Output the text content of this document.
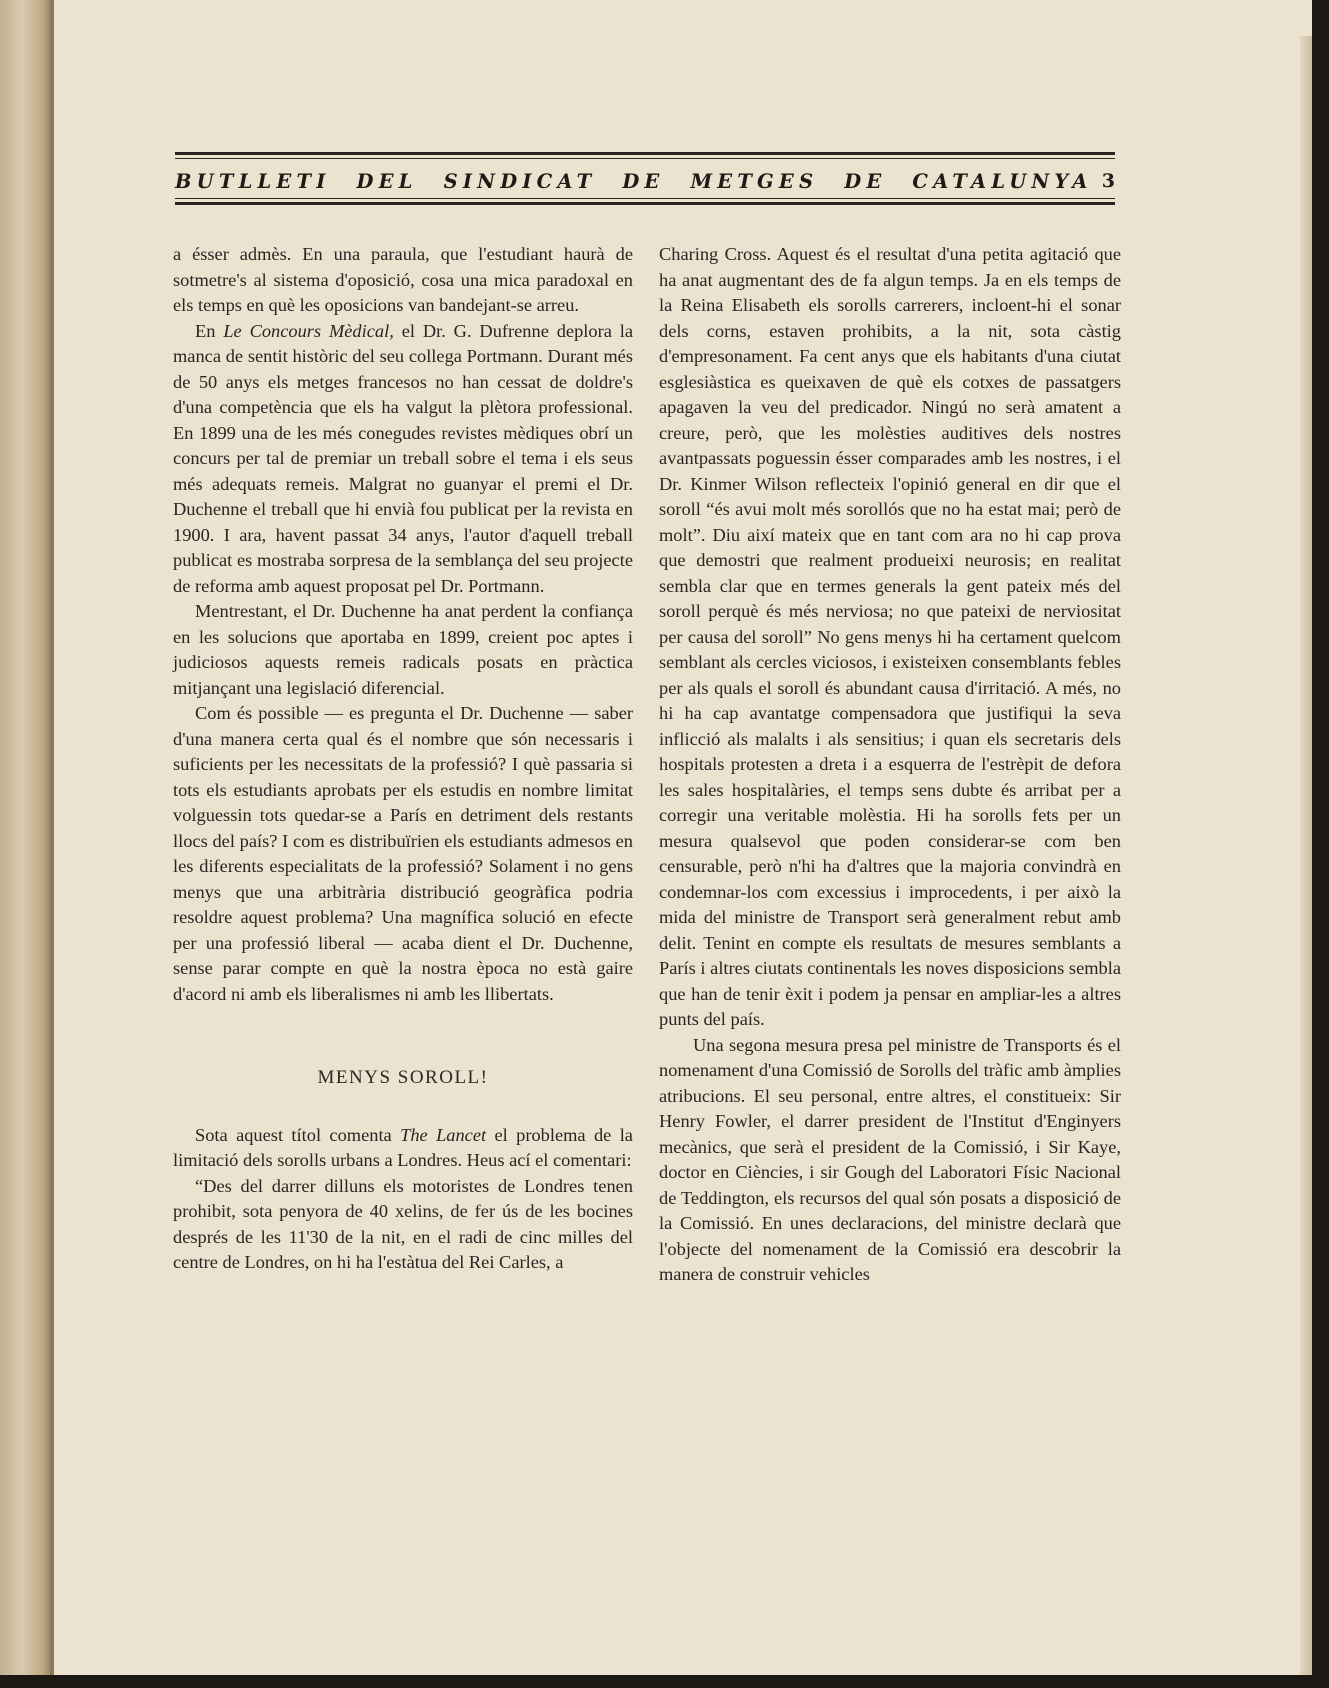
BUTLLETI DEL SINDICAT DE METGES DE CATALUNYA 3

a ésser admès. En una paraula, que l'estudiant haurà de sotmetre's al sistema d'oposició, cosa una mica paradoxal en els temps en què les oposicions van bandejant-se arreu.

En Le Concours Mèdical, el Dr. G. Dufrenne deplora la manca de sentit històric del seu collega Portmann. Durant més de 50 anys els metges francesos no han cessat de doldre's d'una competència que els ha valgut la plètora professional. En 1899 una de les més conegudes revistes mèdiques obrí un concurs per tal de premiar un treball sobre el tema i els seus més adequats remeis. Malgrat no guanyar el premi el Dr. Duchenne el treball que hi envià fou publicat per la revista en 1900. I ara, havent passat 34 anys, l'autor d'aquell treball publicat es mostraba sorpresa de la semblança del seu projecte de reforma amb aquest proposat pel Dr. Portmann.

Mentrestant, el Dr. Duchenne ha anat perdent la confiança en les solucions que aportaba en 1899, creient poc aptes i judiciosos aquests remeis radicals posats en pràctica mitjançant una legislació diferencial.

Com és possible — es pregunta el Dr. Duchenne — saber d'una manera certa qual és el nombre que són necessaris i suficients per les necessitats de la professió? I què passaria si tots els estudiants aprobats per els estudis en nombre limitat volguessin tots quedar-se a París en detriment dels restants llocs del país? I com es distribuïrien els estudiants admesos en les diferents especialitats de la professió? Solament i no gens menys que una arbitrària distribució geogràfica podria resoldre aquest problema? Una magnífica solució en efecte per una professió liberal — acaba dient el Dr. Duchenne, sense parar compte en què la nostra època no està gaire d'acord ni amb els liberalismes ni amb les llibertats.

MENYS SOROLL!

Sota aquest títol comenta The Lancet el problema de la limitació dels sorolls urbans a Londres. Heus ací el comentari:

“Des del darrer dilluns els motoristes de Londres tenen prohibit, sota penyora de 40 xelins, de fer ús de les bocines després de les 11'30 de la nit, en el radi de cinc milles del centre de Londres, on hi ha l'estàtua del Rei Carles, a

Charing Cross. Aquest és el resultat d'una petita agitació que ha anat augmentant des de fa algun temps. Ja en els temps de la Reina Elisabeth els sorolls carrerers, incloent-hi el sonar dels corns, estaven prohibits, a la nit, sota càstig d'empresonament. Fa cent anys que els habitants d'una ciutat esglesiàstica es queixaven de què els cotxes de passatgers apagaven la veu del predicador. Ningú no serà amatent a creure, però, que les molèsties auditives dels nostres avantpassats poguessin ésser comparades amb les nostres, i el Dr. Kinmer Wilson reflecteix l'opinió general en dir que el soroll “és avui molt més sorollós que no ha estat mai; però de molt”. Diu així mateix que en tant com ara no hi cap prova que demostri que realment produeixi neurosis; en realitat sembla clar que en termes generals la gent pateix més del soroll perquè és més nerviosa; no que pateixi de nerviositat per causa del soroll” No gens menys hi ha certament quelcom semblant als cercles viciosos, i existeixen consemblants febles per als quals el soroll és abundant causa d'irritació. A més, no hi ha cap avantatge compensadora que justifiqui la seva inflicció als malalts i als sensitius; i quan els secretaris dels hospitals protesten a dreta i a esquerra de l'estrèpit de defora les sales hospitalàries, el temps sens dubte és arribat per a corregir una veritable molèstia. Hi ha sorolls fets per un mesura qualsevol que poden considerar-se com ben censurable, però n'hi ha d'altres que la majoria convindrà en condemnar-los com excessius i improcedents, i per això la mida del ministre de Transport serà generalment rebut amb delit. Tenint en compte els resultats de mesures semblants a París i altres ciutats continentals les noves disposicions sembla que han de tenir èxit i podem ja pensar en ampliar-les a altres punts del país.

Una segona mesura presa pel ministre de Transports és el nomenament d'una Comissió de Sorolls del tràfic amb àmplies atribucions. El seu personal, entre altres, el constitueix: Sir Henry Fowler, el darrer president de l'Institut d'Enginyers mecànics, que serà el president de la Comissió, i Sir Kaye, doctor en Ciències, i sir Gough del Laboratori Físic Nacional de Teddington, els recursos del qual són posats a disposició de la Comissió. En unes declaracions, del ministre declarà que l'objecte del nomenament de la Comissió era descobrir la manera de construir vehicles
